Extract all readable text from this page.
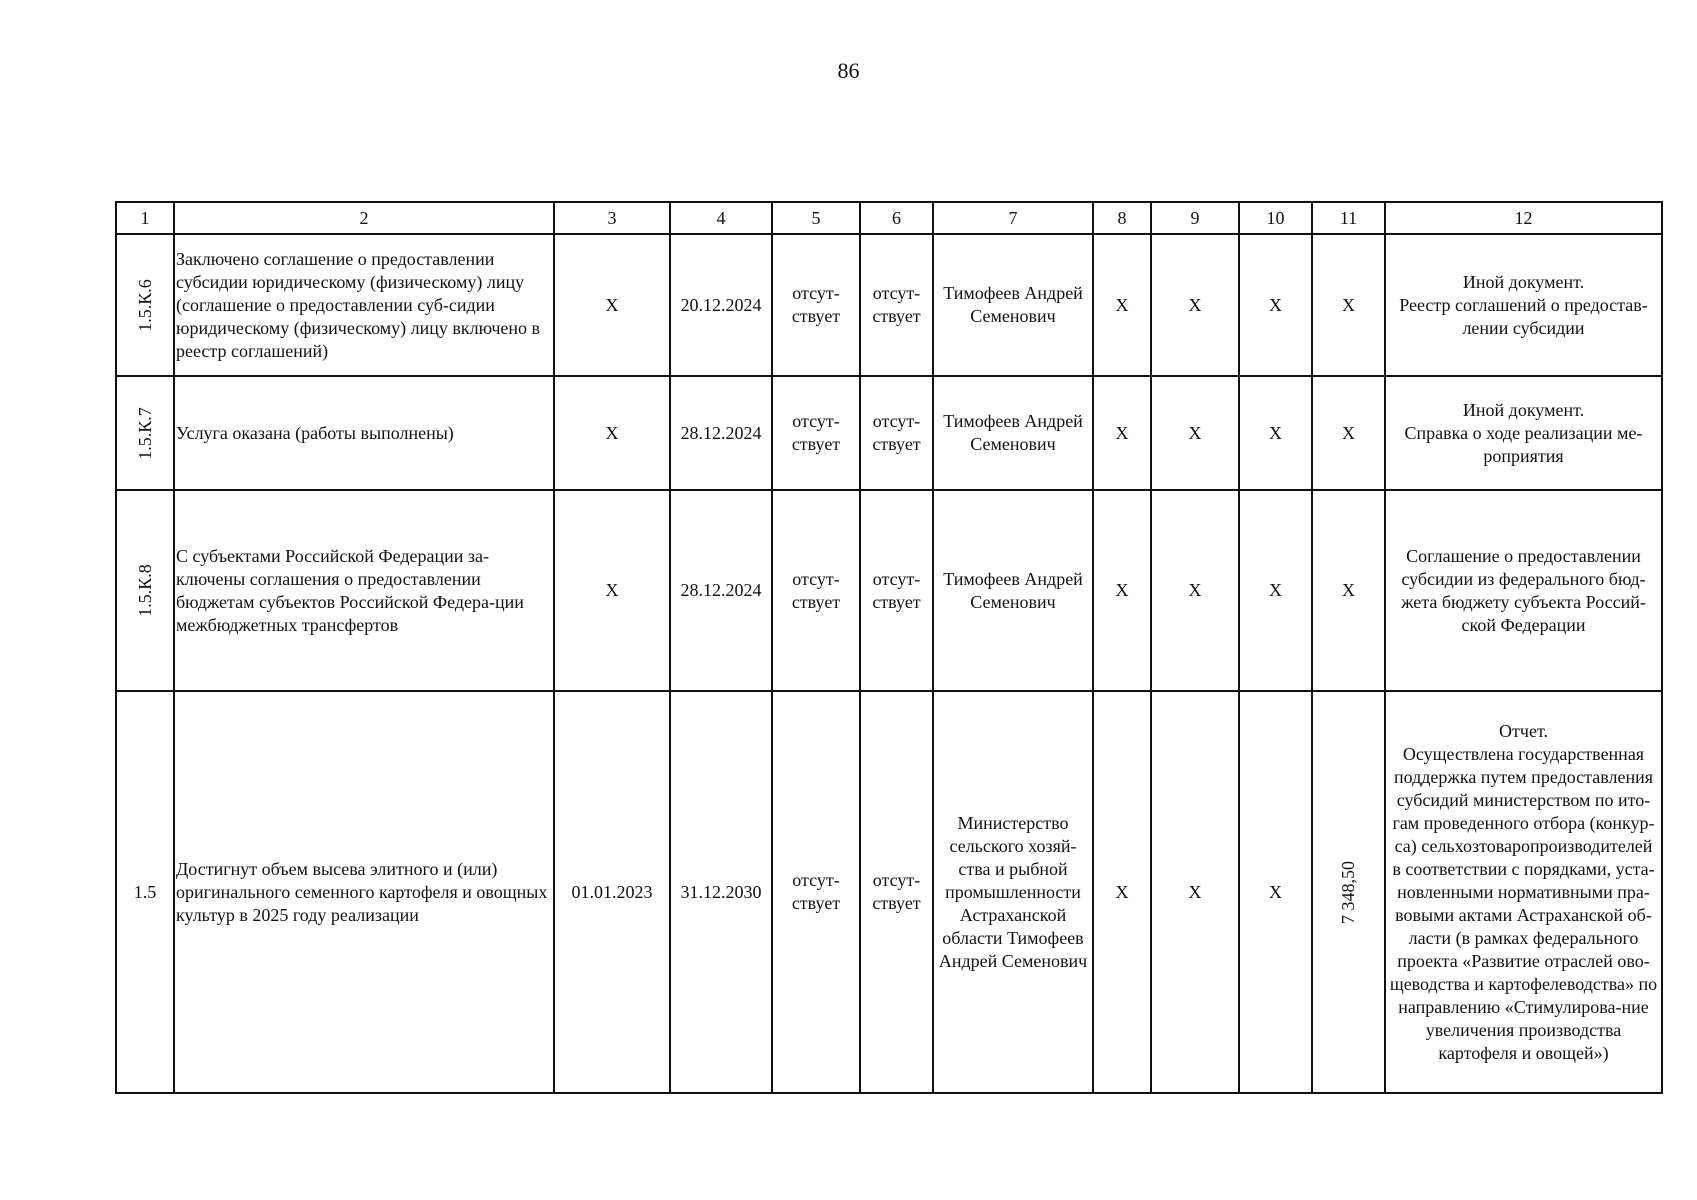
86
1	2	3	4	5	6	7	8	9	10	11	12

1.5.К.6	Заключено соглашение о предоставлении субсидии юридическому (физическому) лицу (соглашение о предоставлении суб-сидии юридическому (физическому) лицу включено в реестр соглашений)	X	20.12.2024	отсут-ствует	отсут-ствует	Тимофеев Андрей Семенович	X	X	X	X	Иной документ.
Реестр соглашений о предостав-лении субсидии

1.5.К.7	Услуга оказана (работы выполнены)	X	28.12.2024	отсут-ствует	отсут-ствует	Тимофеев Андрей Семенович	X	X	X	X	Иной документ.
Справка о ходе реализации ме-роприятия

1.5.К.8	С субъектами Российской Федерации за-ключены соглашения о предоставлении бюджетам субъектов Российской Федера-ции межбюджетных трансфертов	X	28.12.2024	отсут-ствует	отсут-ствует	Тимофеев Андрей Семенович	X	X	X	X	Соглашение о предоставлении субсидии из федерального бюд-жета бюджету субъекта Россий-ской Федерации
1.5	Достигнут объем высева элитного и (или) оригинального семенного картофеля и овощных культур в 2025 году реализации	01.01.2023	31.12.2030	отсут-ствует	отсут-ствует	Министерство сельского хозяй-ства и рыбной промышленности Астраханской области Тимофеев Андрей Семенович	X	X	X	7 348,50	Отчет.
Осуществлена государственная поддержка путем предоставления субсидий министерством по ито-гам проведенного отбора (конкур-са) сельхозтоваропроизводителей в соответствии с порядками, уста-новленными нормативными пра-вовыми актами Астраханской об-ласти (в рамках федерального проекта «Развитие отраслей ово-щеводства и картофелеводства» по направлению «Стимулирова-ние увеличения производства картофеля и овощей»)
